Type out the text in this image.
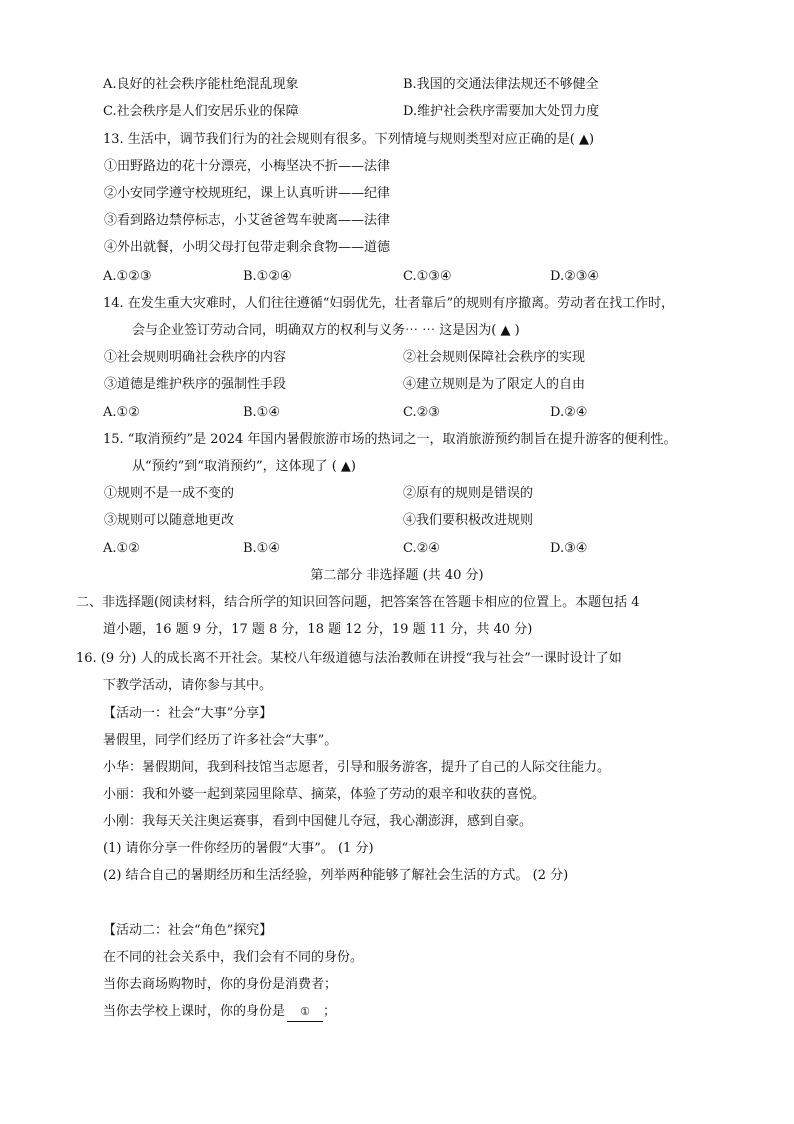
A.良好的社会秩序能杜绝混乱现象	B.我国的交通法律法规还不够健全
C.社会秩序是人们安居乐业的保障	D.维护社会秩序需要加大处罚力度
13. 生活中，调节我们行为的社会规则有很多。下列情境与规则类型对应正确的是( ▲)
①田野路边的花十分漂亮，小梅坚决不折——法律
②小安同学遵守校规班纪，课上认真听讲——纪律
③看到路边禁停标志，小艾爸爸驾车驶离——法律
④外出就餐，小明父母打包带走剩余食物——道德
A.①②③	B.①②④	C.①③④	D.②③④
14. 在发生重大灾难时，人们往往遵循“妇弱优先，壮者靠后”的规则有序撤离。劳动者在找工作时，
会与企业签订劳动合同，明确双方的权利与义务⋯ ⋯ 这是因为( ▲ )
①社会规则明确社会秩序的内容	②社会规则保障社会秩序的实现
③道德是维护秩序的强制性手段	④建立规则是为了限定人的自由
A.①②	B.①④	C.②③	D.②④
15. “取消预约”是 2024 年国内暑假旅游市场的热词之一，取消旅游预约制旨在提升游客的便利性。
从“预约”到“取消预约”，这体现了 ( ▲)
①规则不是一成不变的	②原有的规则是错误的
③规则可以随意地更改	④我们要积极改进规则
A.①②	B.①④	C.②④	D.③④
第二部分 非选择题 (共 40 分)
二、非选择题(阅读材料，结合所学的知识回答问题，把答案答在答题卡相应的位置上。本题包括 4
道小题，16 题 9 分，17 题 8 分，18 题 12 分，19 题 11 分，共 40 分)
16. (9 分) 人的成长离不开社会。某校八年级道德与法治教师在讲授“我与社会”一课时设计了如
下教学活动，请你参与其中。
【活动一：社会“大事”分享】
暑假里，同学们经历了许多社会“大事”。
小华：暑假期间，我到科技馆当志愿者，引导和服务游客，提升了自己的人际交往能力。
小丽：我和外婆一起到菜园里除草、摘菜，体验了劳动的艰辛和收获的喜悦。
小刚：我每天关注奥运赛事，看到中国健儿夺冠，我心潮澎湃，感到自豪。
(1) 请你分享一件你经历的暑假“大事”。 (1 分)
(2) 结合自己的暑期经历和生活经验，列举两种能够了解社会生活的方式。 (2 分)
【活动二：社会“角色”探究】
在不同的社会关系中，我们会有不同的身份。
当你去商场购物时，你的身份是消费者；
当你去学校上课时，你的身份是 ① ；
